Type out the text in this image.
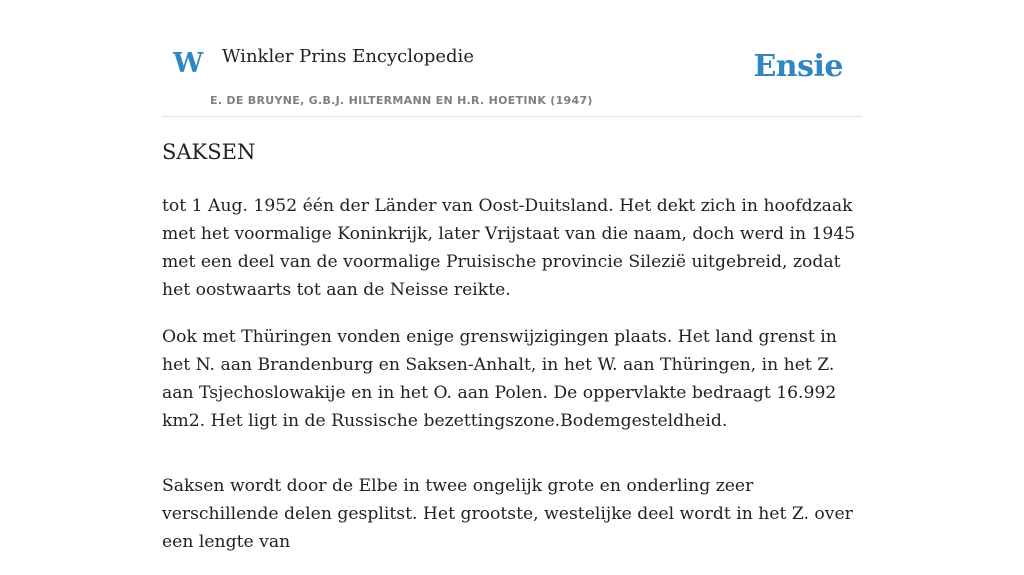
W Winkler Prins Encyclopedie
E. DE BRUYNE, G.B.J. HILTERMANN EN H.R. HOETINK (1947)
Ensie
SAKSEN

tot 1 Aug. 1952 één der Länder van Oost-Duitsland. Het dekt zich in hoofdzaak met het voormalige Koninkrijk, later Vrijstaat van die naam, doch werd in 1945 met een deel van de voormalige Pruisische provincie Silezië uitgebreid, zodat het oostwaarts tot aan de Neisse reikte.

Ook met Thüringen vonden enige grenswijzigingen plaats. Het land grenst in het N. aan Brandenburg en Saksen-Anhalt, in het W. aan Thüringen, in het Z. aan Tsjechoslowakije en in het O. aan Polen. De oppervlakte bedraagt 16.992 km2. Het ligt in de Russische bezettingszone.Bodemgesteldheid.

Saksen wordt door de Elbe in twee ongelijk grote en onderling zeer verschillende delen gesplitst. Het grootste, westelijke deel wordt in het Z. over een lengte van
